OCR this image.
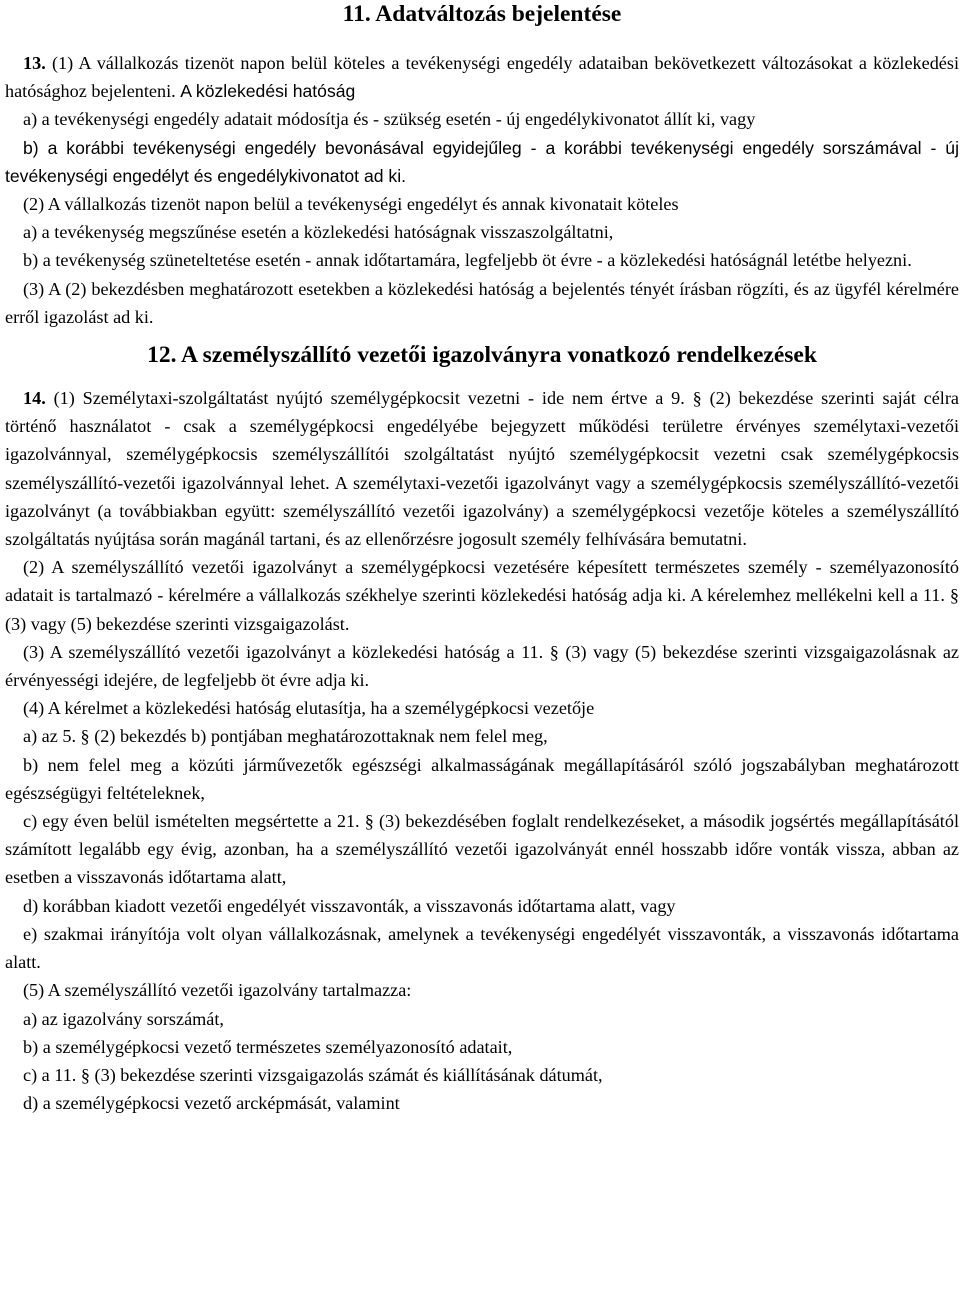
11. Adatváltozás bejelentése

13. (1) A vállalkozás tizenöt napon belül köteles a tevékenységi engedély adataiban bekövetkezett változásokat a közlekedési hatósághoz bejelenteni. A közlekedési hatóság

a) a tevékenységi engedély adatait módosítja és - szükség esetén - új engedélykivonatot állít ki, vagy

b) a korábbi tevékenységi engedély bevonásával egyidejűleg - a korábbi tevékenységi engedély sorszámával - új tevékenységi engedélyt és engedélykivonatot ad ki.

(2) A vállalkozás tizenöt napon belül a tevékenységi engedélyt és annak kivonatait köteles

a) a tevékenység megszűnése esetén a közlekedési hatóságnak visszaszolgáltatni,

b) a tevékenység szüneteltetése esetén - annak időtartamára, legfeljebb öt évre - a közlekedési hatóságnál letétbe helyezni.

(3) A (2) bekezdésben meghatározott esetekben a közlekedési hatóság a bejelentés tényét írásban rögzíti, és az ügyfél kérelmére erről igazolást ad ki.

12. A személyszállító vezetői igazolványra vonatkozó rendelkezések

14. (1) Személytaxi-szolgáltatást nyújtó személygépkocsit vezetni - ide nem értve a 9. § (2) bekezdése szerinti saját célra történő használatot - csak a személygépkocsi engedélyébe bejegyzett működési területre érvényes személytaxi-vezetői igazolvánnyal, személygépkocsis személyszállítói szolgáltatást nyújtó személygépkocsit vezetni csak személygépkocsis személyszállító-vezetői igazolvánnyal lehet. A személytaxi-vezetői igazolványt vagy a személygépkocsis személyszállító-vezetői igazolványt (a továbbiakban együtt: személyszállító vezetői igazolvány) a személygépkocsi vezetője köteles a személyszállító szolgáltatás nyújtása során magánál tartani, és az ellenőrzésre jogosult személy felhívására bemutatni.

(2) A személyszállító vezetői igazolványt a személygépkocsi vezetésére képesített természetes személy - személyazonosító adatait is tartalmazó - kérelmére a vállalkozás székhelye szerinti közlekedési hatóság adja ki. A kérelemhez mellékelni kell a 11. § (3) vagy (5) bekezdése szerinti vizsgaigazolást.

(3) A személyszállító vezetői igazolványt a közlekedési hatóság a 11. § (3) vagy (5) bekezdése szerinti vizsgaigazolásnak az érvényességi idejére, de legfeljebb öt évre adja ki.

(4) A kérelmet a közlekedési hatóság elutasítja, ha a személygépkocsi vezetője

a) az 5. § (2) bekezdés b) pontjában meghatározottaknak nem felel meg,

b) nem felel meg a közúti járművezetők egészségi alkalmasságának megállapításáról szóló jogszabályban meghatározott egészségügyi feltételeknek,

c) egy éven belül ismételten megsértette a 21. § (3) bekezdésében foglalt rendelkezéseket, a második jogsértés megállapításától számított legalább egy évig, azonban, ha a személyszállító vezetői igazolványát ennél hosszabb időre vonták vissza, abban az esetben a visszavonás időtartama alatt,

d) korábban kiadott vezetői engedélyét visszavonták, a visszavonás időtartama alatt, vagy

e) szakmai irányítója volt olyan vállalkozásnak, amelynek a tevékenységi engedélyét visszavonták, a visszavonás időtartama alatt.

(5) A személyszállító vezetői igazolvány tartalmazza:

a) az igazolvány sorszámát,

b) a személygépkocsi vezető természetes személyazonosító adatait,

c) a 11. § (3) bekezdése szerinti vizsgaigazolás számát és kiállításának dátumát,

d) a személygépkocsi vezető arcképmását, valamint
